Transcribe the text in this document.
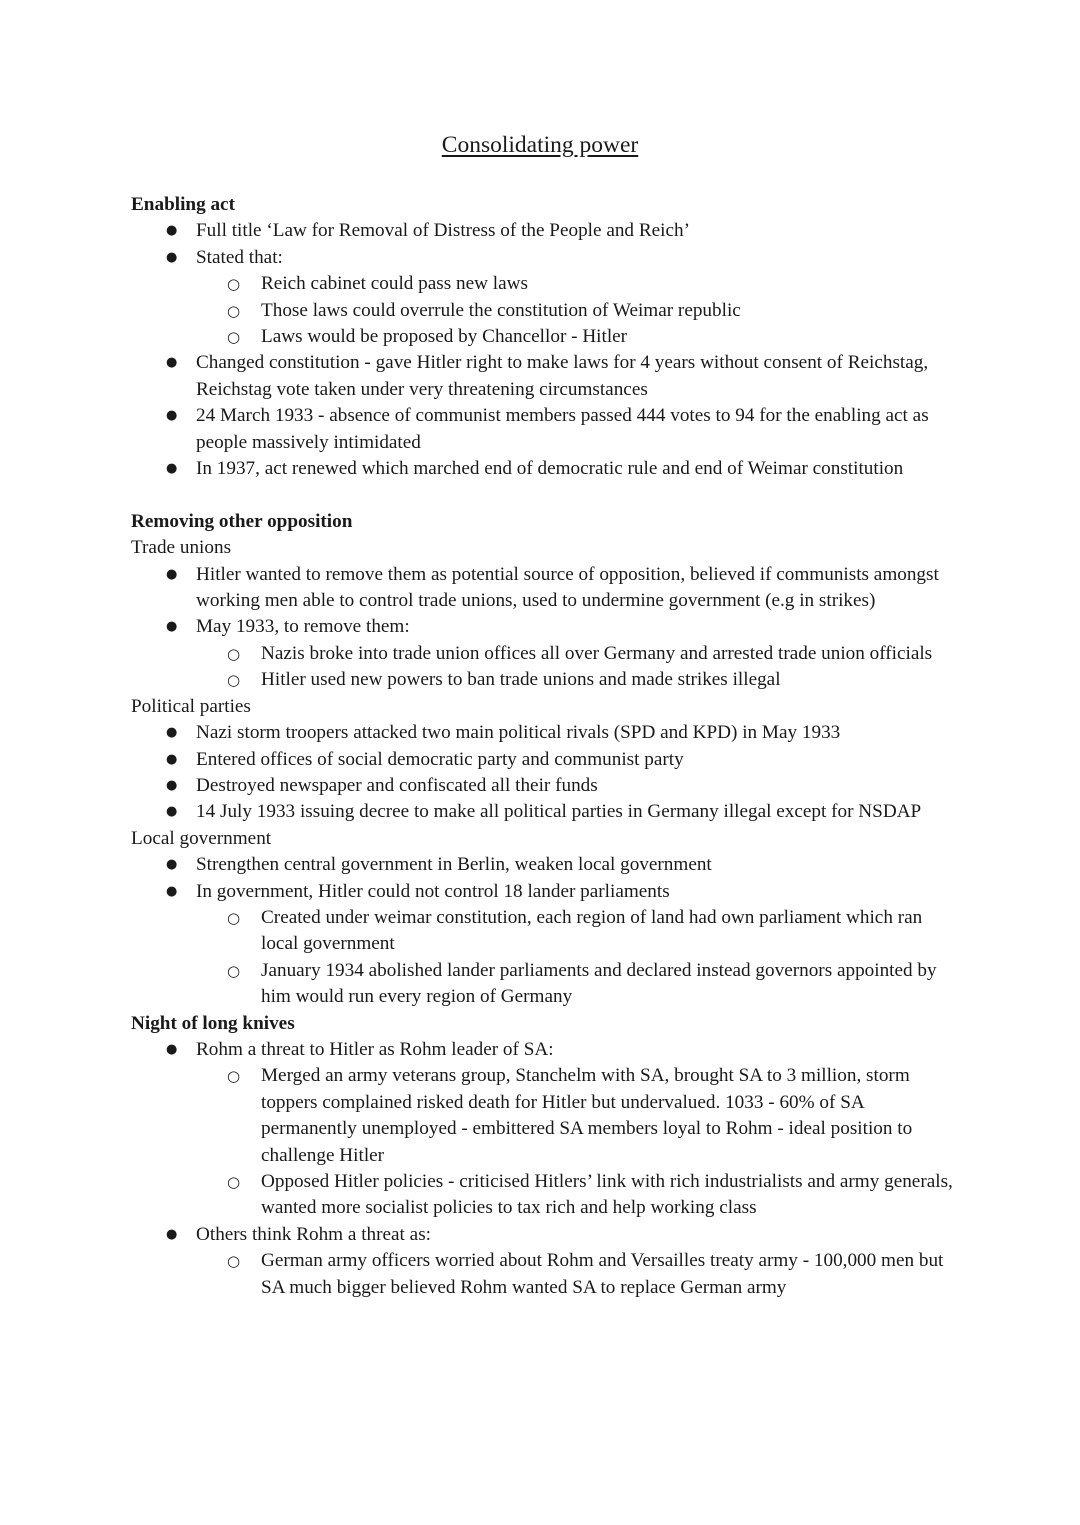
Consolidating power
Enabling act
● Full title ‘Law for Removal of Distress of the People and Reich’
● Stated that:
○ Reich cabinet could pass new laws
○ Those laws could overrule the constitution of Weimar republic
○ Laws would be proposed by Chancellor - Hitler
● Changed constitution - gave Hitler right to make laws for 4 years without consent of Reichstag, Reichstag vote taken under very threatening circumstances
● 24 March 1933 - absence of communist members passed 444 votes to 94 for the enabling act as people massively intimidated
● In 1937, act renewed which marched end of democratic rule and end of Weimar constitution
Removing other opposition
Trade unions
● Hitler wanted to remove them as potential source of opposition, believed if communists amongst working men able to control trade unions, used to undermine government (e.g in strikes)
● May 1933, to remove them:
○ Nazis broke into trade union offices all over Germany and arrested trade union officials
○ Hitler used new powers to ban trade unions and made strikes illegal
Political parties
● Nazi storm troopers attacked two main political rivals (SPD and KPD) in May 1933
● Entered offices of social democratic party and communist party
● Destroyed newspaper and confiscated all their funds
● 14 July 1933 issuing decree to make all political parties in Germany illegal except for NSDAP
Local government
● Strengthen central government in Berlin, weaken local government
● In government, Hitler could not control 18 lander parliaments
○ Created under weimar constitution, each region of land had own parliament which ran local government
○ January 1934 abolished lander parliaments and declared instead governors appointed by him would run every region of Germany
Night of long knives
● Rohm a threat to Hitler as Rohm leader of SA:
○ Merged an army veterans group, Stanchelm with SA, brought SA to 3 million, storm toppers complained risked death for Hitler but undervalued. 1033 - 60% of SA permanently unemployed - embittered SA members loyal to Rohm - ideal position to challenge Hitler
○ Opposed Hitler policies - criticised Hitlers’ link with rich industrialists and army generals, wanted more socialist policies to tax rich and help working class
● Others think Rohm a threat as:
○ German army officers worried about Rohm and Versailles treaty army - 100,000 men but SA much bigger believed Rohm wanted SA to replace German army
